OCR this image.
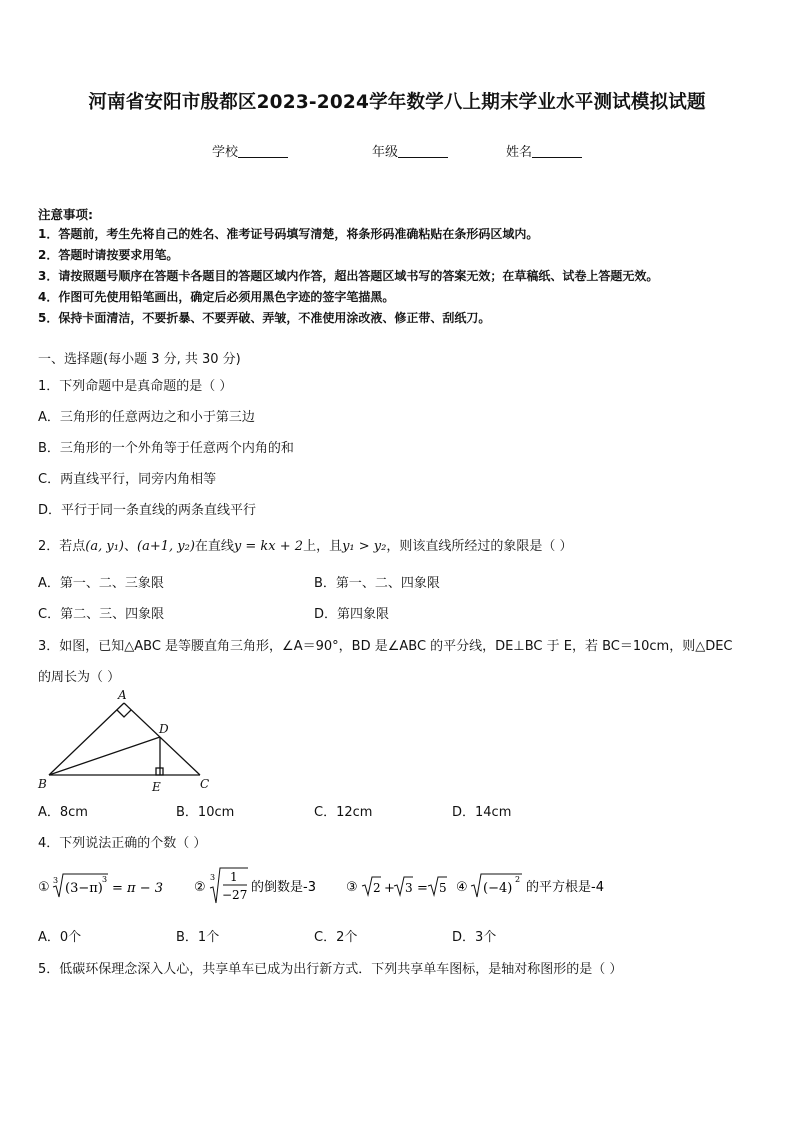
河南省安阳市殷都区2023-2024学年数学八上期末学业水平测试模拟试题
学校	年级	姓名
注意事项:
1．答题前，考生先将自己的姓名、准考证号码填写清楚，将条形码准确粘贴在条形码区域内。
2．答题时请按要求用笔。
3．请按照题号顺序在答题卡各题目的答题区域内作答，超出答题区域书写的答案无效；在草稿纸、试卷上答题无效。
4．作图可先使用铅笔画出，确定后必须用黑色字迹的签字笔描黑。
5．保持卡面清洁，不要折暴、不要弄破、弄皱，不准使用涂改液、修正带、刮纸刀。
一、选择题(每小题 3 分, 共 30 分)
1．下列命题中是真命题的是（ ）
A．三角形的任意两边之和小于第三边
B．三角形的一个外角等于任意两个内角的和
C．两直线平行，同旁内角相等
D．平行于同一条直线的两条直线平行
2．若点(a, y₁)、(a+1, y₂)在直线y = kx + 2上，且y₁ > y₂，则该直线所经过的象限是（ ）
A．第一、二、三象限	B．第一、二、四象限
C．第二、三、四象限	D．第四象限
3．如图，已知△ABC 是等腰直角三角形，∠A＝90°，BD 是∠ABC 的平分线，DE⊥BC 于 E，若 BC＝10cm，则△DEC
的周长为（ ）
A
B	C
D
E
A．8cm	B．10cm	C．12cm	D．14cm
4．下列说法正确的个数（ ）
① 3
(3−π)
3
= π − 3 ②
3 1
−27 的倒数是-3 ③ 2 + 3 = 5 ④ (−4)
2
的平方根是-4
A．0个	B．1个	C．2个	D．3个
5．低碳环保理念深入人心，共享单车已成为出行新方式．下列共享单车图标，是轴对称图形的是（ ）
